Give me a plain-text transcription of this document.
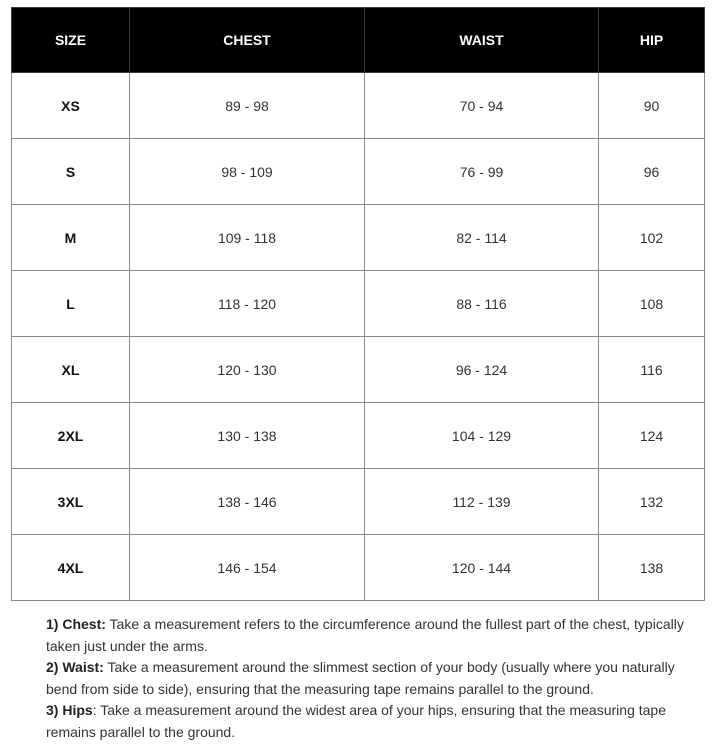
SIZE	CHEST	WAIST	HIP
XS	89 - 98	70 - 94	90
S	98 - 109	76 - 99	96
M	109 - 118	82 - 114	102
L	118 - 120	88 - 116	108
XL	120 - 130	96 - 124	116
2XL	130 - 138	104 - 129	124
3XL	138 - 146	112 - 139	132
4XL	146 - 154	120 - 144	138

1) Chest: Take a measurement refers to the circumference around the fullest part of the chest, typically taken just under the arms.

2) Waist: Take a measurement around the slimmest section of your body (usually where you naturally bend from side to side), ensuring that the measuring tape remains parallel to the ground.

3) Hips: Take a measurement around the widest area of your hips, ensuring that the measuring tape remains parallel to the ground.
